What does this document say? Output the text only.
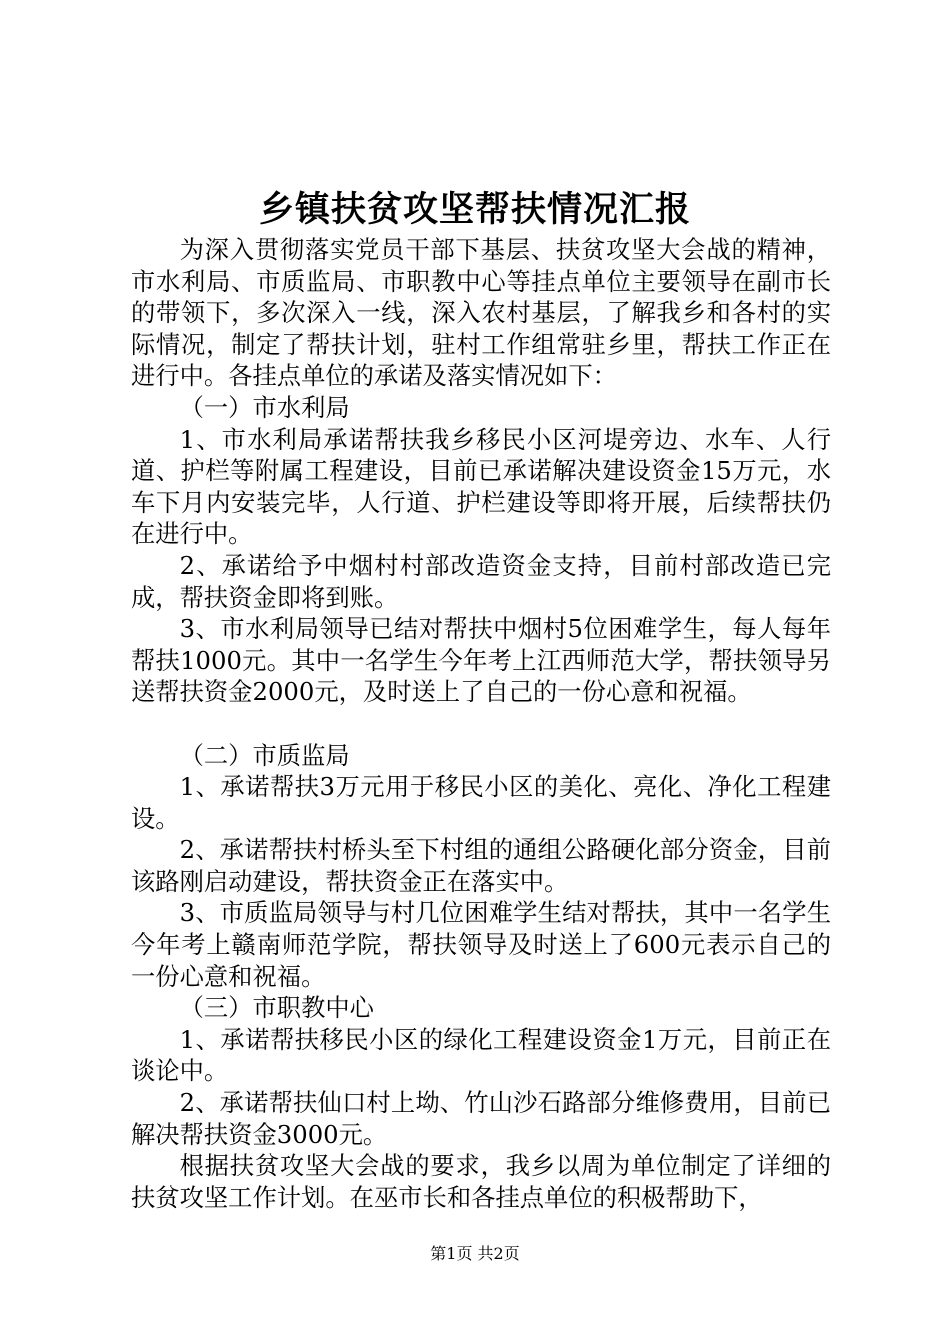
乡镇扶贫攻坚帮扶情况汇报

为深入贯彻落实党员干部下基层、扶贫攻坚大会战的精神，市水利局、市质监局、市职教中心等挂点单位主要领导在副市长的带领下，多次深入一线，深入农村基层，了解我乡和各村的实际情况，制定了帮扶计划，驻村工作组常驻乡里，帮扶工作正在进行中。各挂点单位的承诺及落实情况如下：

（一）市水利局

1、市水利局承诺帮扶我乡移民小区河堤旁边、水车、人行道、护栏等附属工程建设，目前已承诺解决建设资金15万元，水车下月内安装完毕，人行道、护栏建设等即将开展，后续帮扶仍在进行中。

2、承诺给予中烟村村部改造资金支持，目前村部改造已完成，帮扶资金即将到账。

3、市水利局领导已结对帮扶中烟村5位困难学生，每人每年帮扶1000元。其中一名学生今年考上江西师范大学，帮扶领导另送帮扶资金2000元，及时送上了自己的一份心意和祝福。

（二）市质监局

1、承诺帮扶3万元用于移民小区的美化、亮化、净化工程建设。

2、承诺帮扶村桥头至下村组的通组公路硬化部分资金，目前该路刚启动建设，帮扶资金正在落实中。

3、市质监局领导与村几位困难学生结对帮扶，其中一名学生今年考上赣南师范学院，帮扶领导及时送上了600元表示自己的一份心意和祝福。

（三）市职教中心

1、承诺帮扶移民小区的绿化工程建设资金1万元，目前正在谈论中。

2、承诺帮扶仙口村上坳、竹山沙石路部分维修费用，目前已解决帮扶资金3000元。

根据扶贫攻坚大会战的要求，我乡以周为单位制定了详细的扶贫攻坚工作计划。在巫市长和各挂点单位的积极帮助下，

第1页 共2页
